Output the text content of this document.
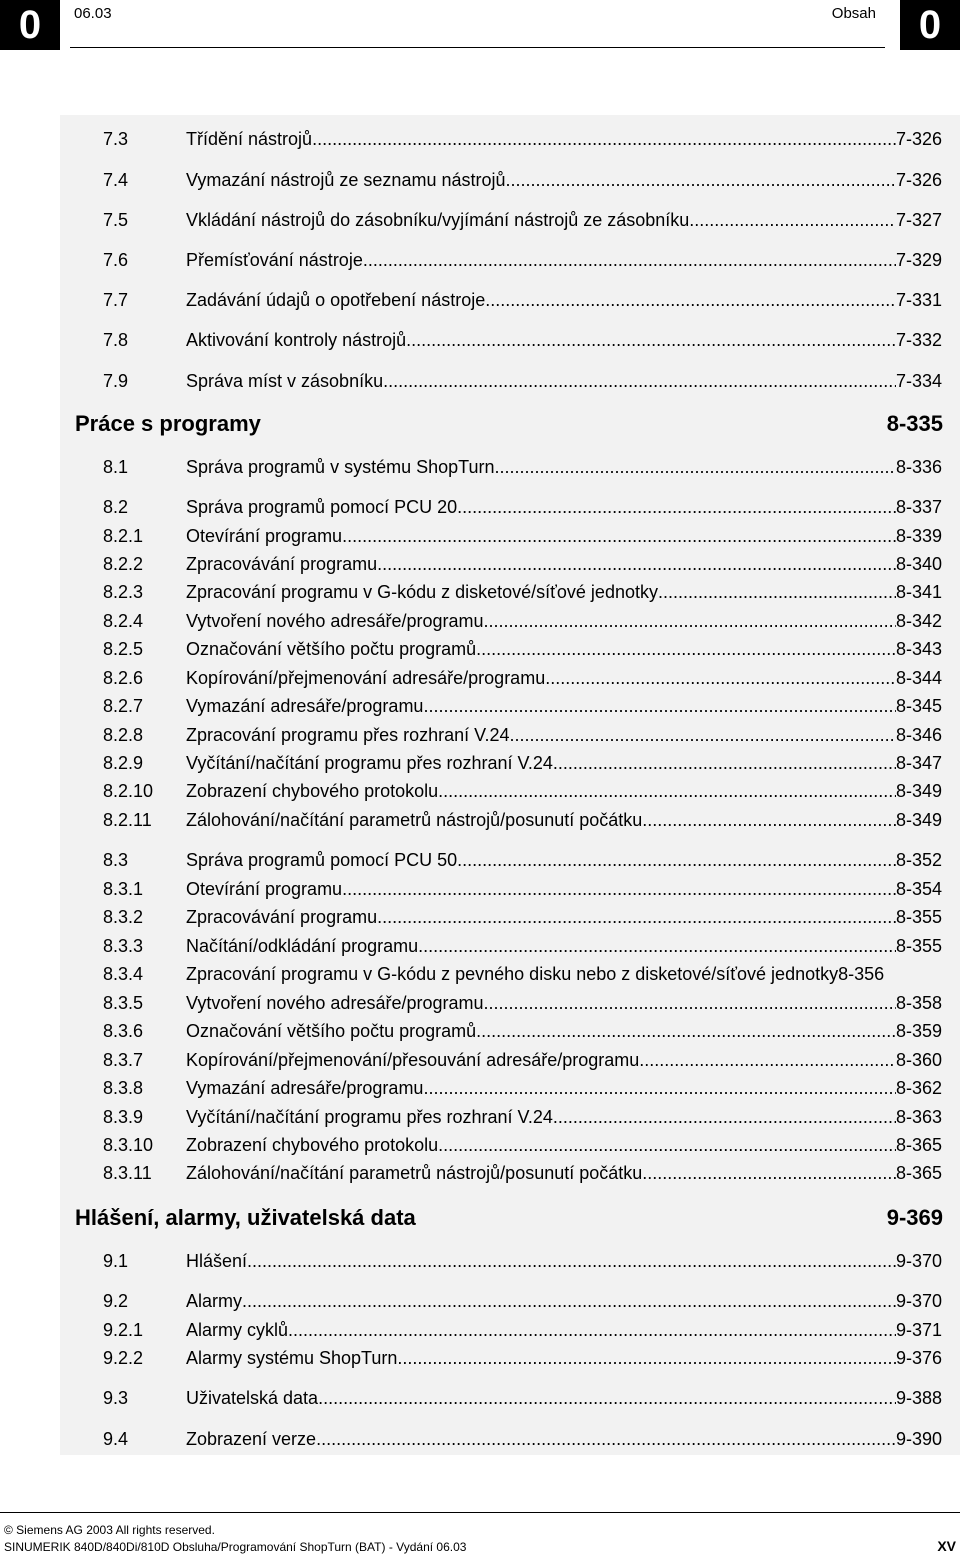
0	06.03	Obsah	0
7.3	Třídění nástrojů .....	7-326
7.4	Vymazání nástrojů ze seznamu nástrojů .....	7-326
7.5	Vkládání nástrojů do zásobníku/vyjímání nástrojů ze zásobníku .....	7-327
7.6	Přemísťování nástroje .....	7-329
7.7	Zadávání údajů o opotřebení nástroje .....	7-331
7.8	Aktivování kontroly nástrojů .....	7-332
7.9	Správa míst v zásobníku .....	7-334
Práce s programy	8-335
8.1	Správa programů v systému ShopTurn .....	8-336
8.2	Správa programů pomocí PCU 20 .....	8-337
8.2.1 Otevírání programu .....	8-339
8.2.2 Zpracovávání programu .....	8-340
8.2.3 Zpracování programu v G-kódu z disketové/síťové jednotky .....	8-341
8.2.4 Vytvoření nového adresáře/programu .....	8-342
8.2.5 Označování většího počtu programů .....	8-343
8.2.6 Kopírování/přejmenování adresáře/programu .....	8-344
8.2.7 Vymazání adresáře/programu .....	8-345
8.2.8 Zpracování programu přes rozhraní V.24 .....	8-346
8.2.9 Vyčítání/načítání programu přes rozhraní V.24 .....	8-347
8.2.10 Zobrazení chybového protokolu .....	8-349
8.2.11 Zálohování/načítání parametrů nástrojů/posunutí počátku .....	8-349
8.3	Správa programů pomocí PCU 50 .....	8-352
8.3.1 Otevírání programu .....	8-354
8.3.2 Zpracovávání programu .....	8-355
8.3.3 Načítání/odkládání programu .....	8-355
8.3.4 Zpracování programu v G-kódu z pevného disku nebo z disketové/síťové jednotky 8-356
8.3.5 Vytvoření nového adresáře/programu .....	8-358
8.3.6 Označování většího počtu programů .....	8-359
8.3.7 Kopírování/přejmenování/přesouvání adresáře/programu .....	8-360
8.3.8 Vymazání adresáře/programu .....	8-362
8.3.9 Vyčítání/načítání programu přes rozhraní V.24 .....	8-363
8.3.10 Zobrazení chybového protokolu .....	8-365
8.3.11 Zálohování/načítání parametrů nástrojů/posunutí počátku .....	8-365
Hlášení, alarmy, uživatelská data	9-369
9.1	Hlášení .....	9-370
9.2	Alarmy .....	9-370
9.2.1 Alarmy cyklů .....	9-371
9.2.2 Alarmy systému ShopTurn .....	9-376
9.3	Uživatelská data .....	9-388
9.4	Zobrazení verze .....	9-390
© Siemens AG 2003 All rights reserved.
SINUMERIK 840D/840Di/810D Obsluha/Programování ShopTurn (BAT) - Vydání 06.03	XV
